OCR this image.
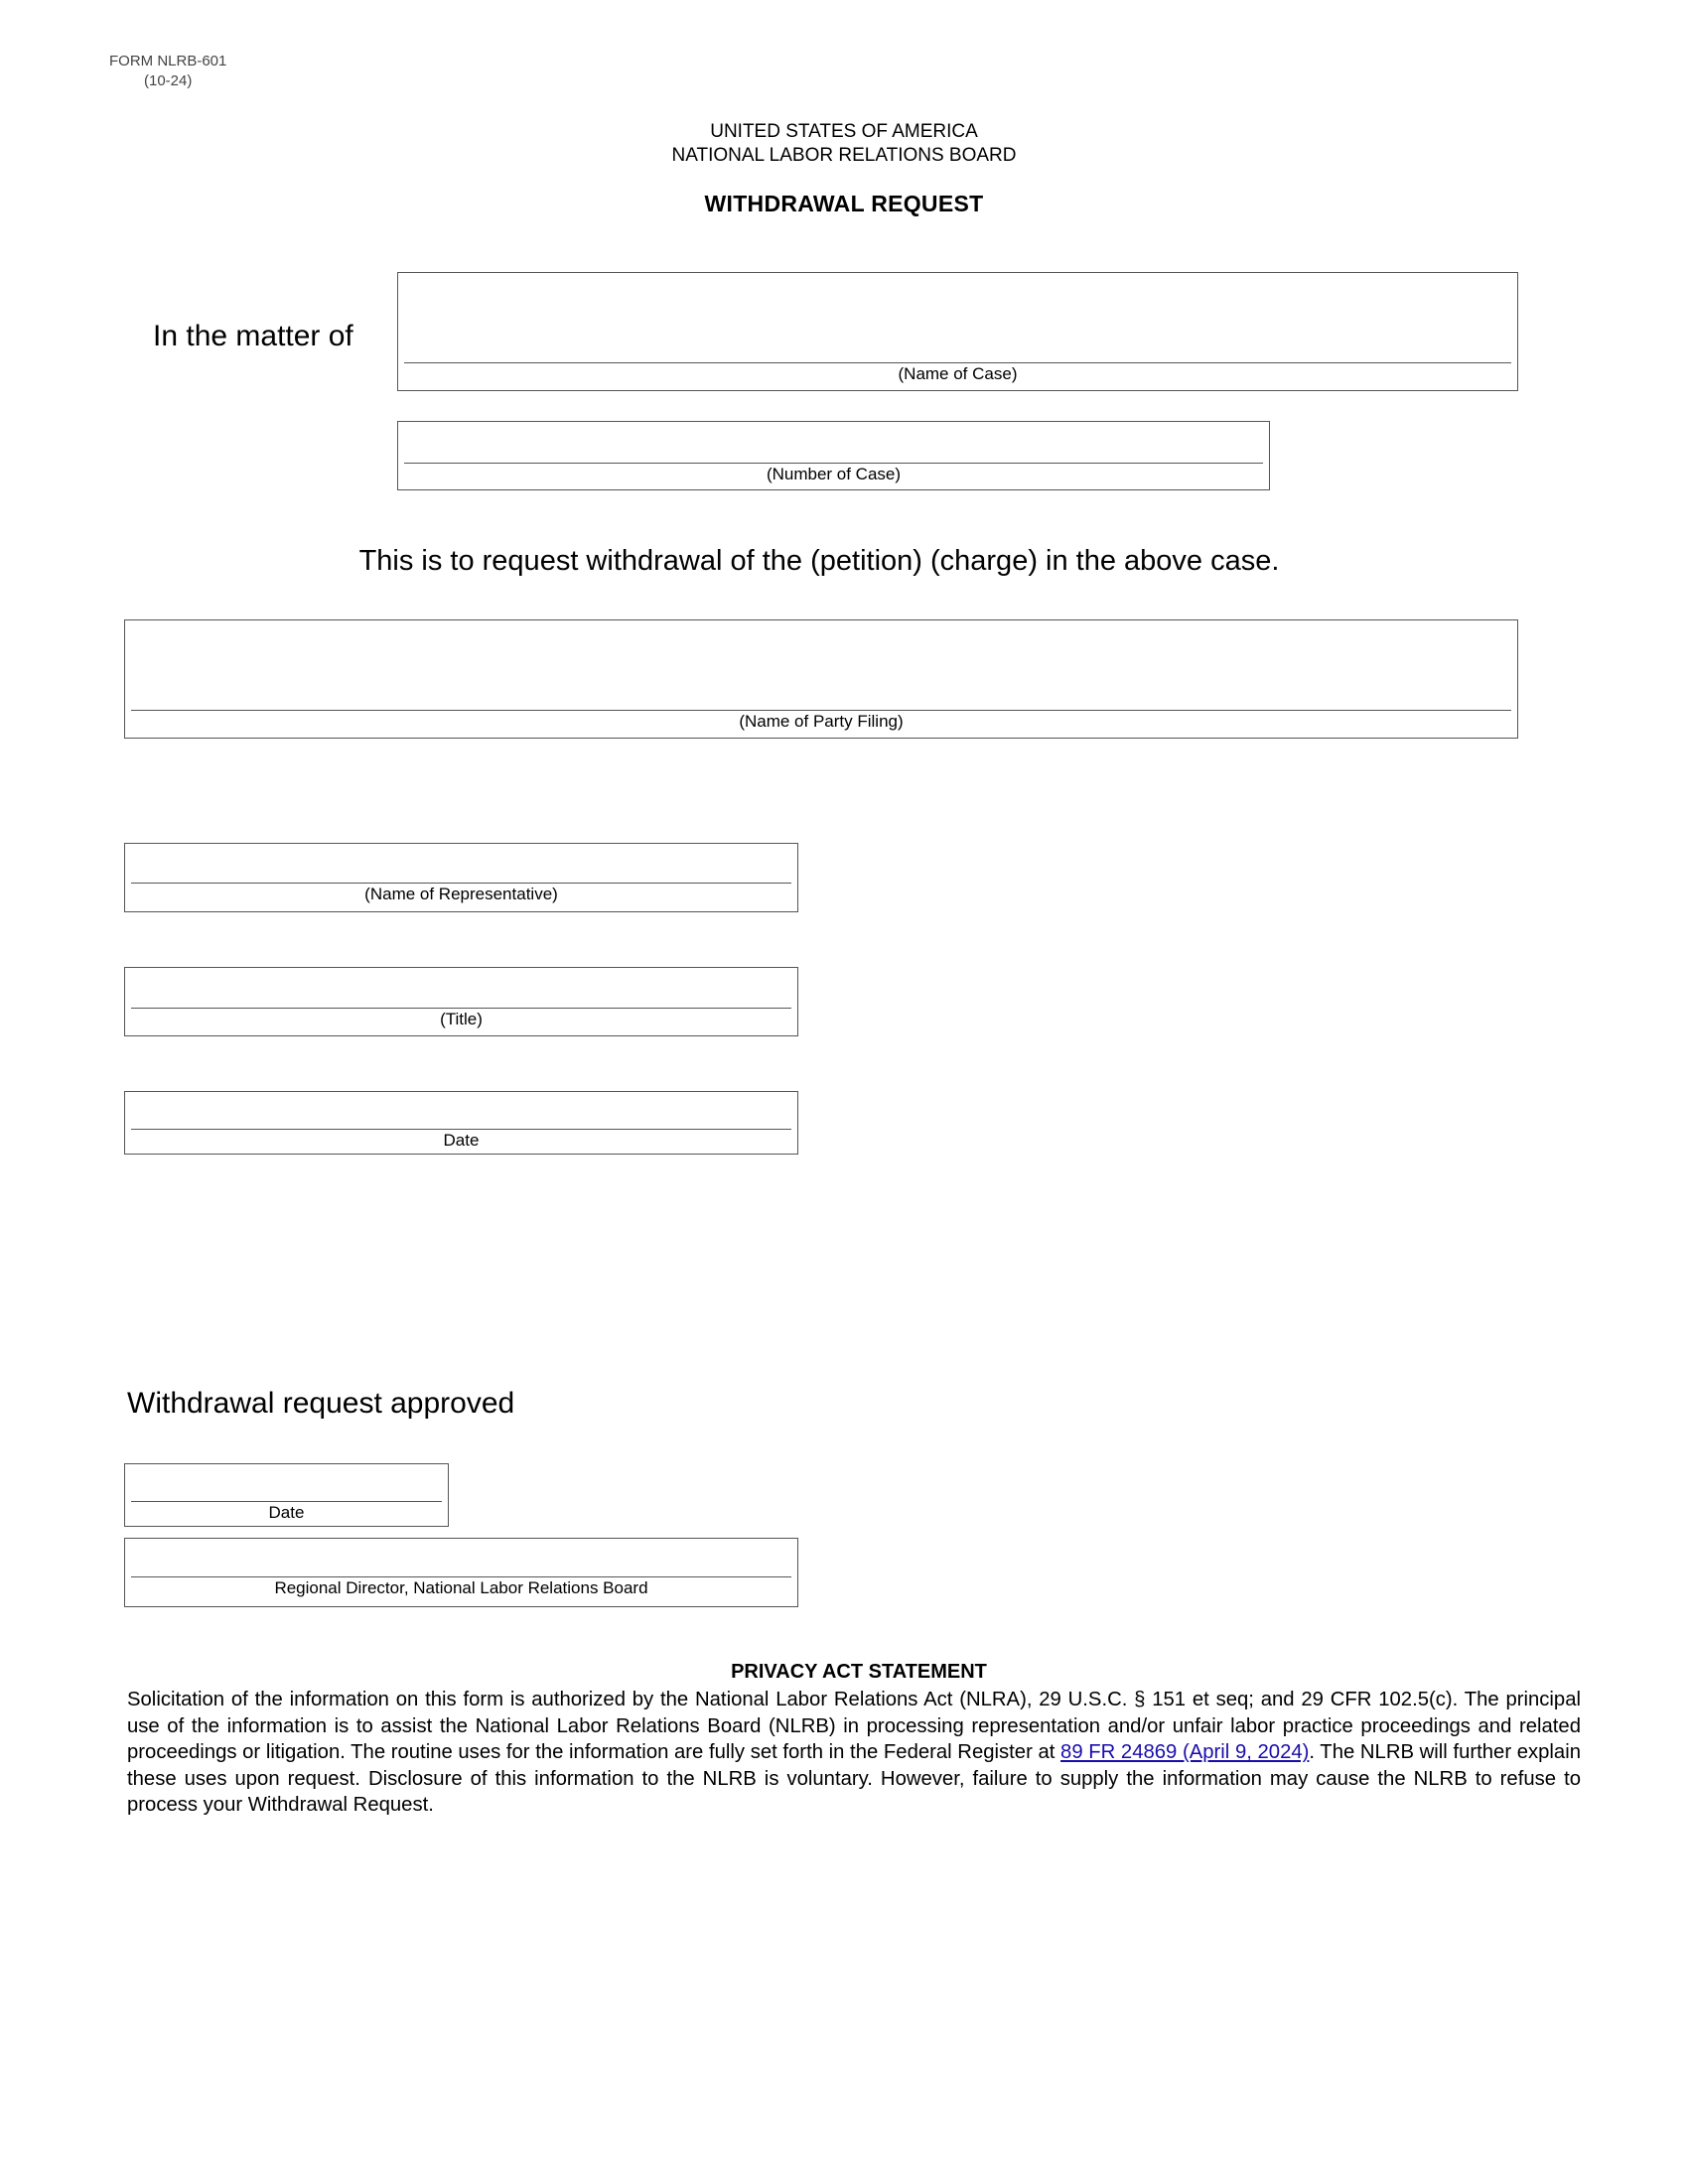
FORM NLRB-601
(10-24)
UNITED STATES OF AMERICA
NATIONAL LABOR RELATIONS BOARD
WITHDRAWAL REQUEST
In the matter of
(Name of Case)
(Number of Case)
This is to request withdrawal of the (petition) (charge) in the above case.
(Name of Party Filing)
(Name of Representative)
(Title)
Date
Withdrawal request approved
Date
Regional Director, National Labor Relations Board
PRIVACY ACT STATEMENT
Solicitation of the information on this form is authorized by the National Labor Relations Act (NLRA), 29 U.S.C. § 151 et seq; and 29 CFR 102.5(c). The principal use of the information is to assist the National Labor Relations Board (NLRB) in processing representation and/or unfair labor practice proceedings and related proceedings or litigation. The routine uses for the information are fully set forth in the Federal Register at 89 FR 24869 (April 9, 2024). The NLRB will further explain these uses upon request. Disclosure of this information to the NLRB is voluntary. However, failure to supply the information may cause the NLRB to refuse to process your Withdrawal Request.
